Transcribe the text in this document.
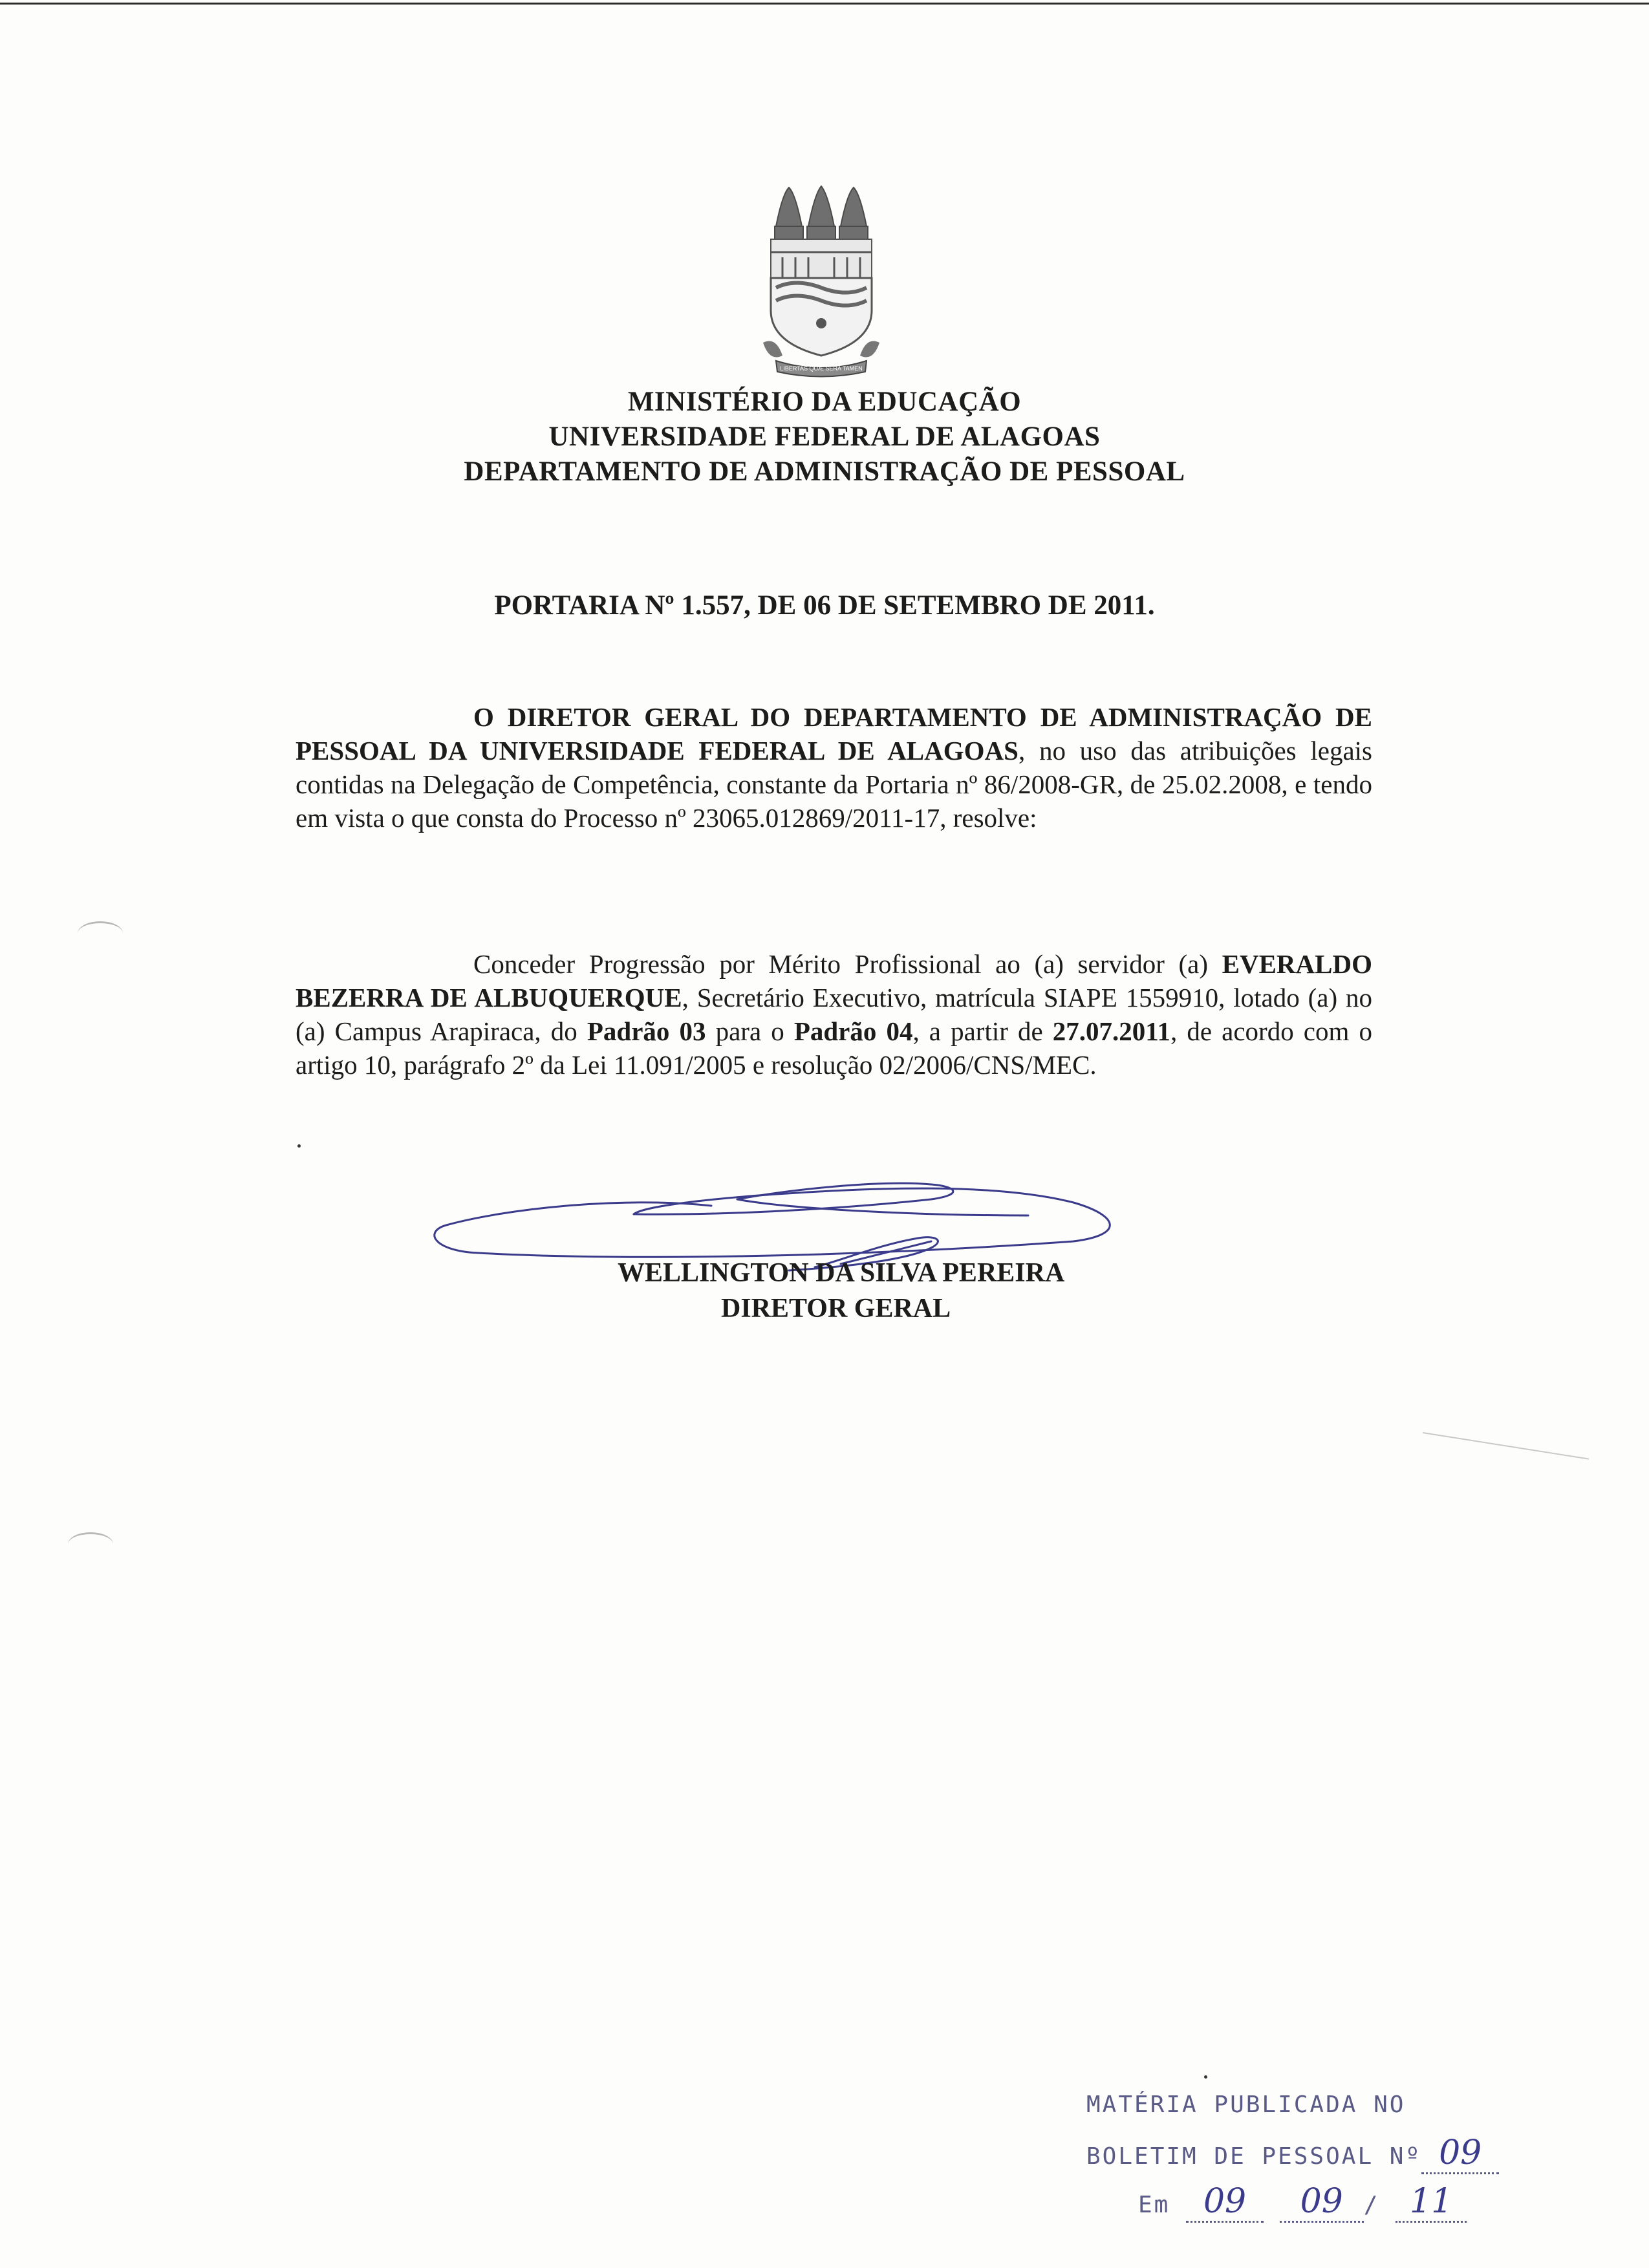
LIBERTAS QUÆ SERA TAMEN
MINISTÉRIO DA EDUCAÇÃO
UNIVERSIDADE FEDERAL DE ALAGOAS
DEPARTAMENTO DE ADMINISTRAÇÃO DE PESSOAL
PORTARIA Nº 1.557, DE 06 DE SETEMBRO DE 2011.

O DIRETOR GERAL DO DEPARTAMENTO DE ADMINISTRAÇÃO DE PESSOAL DA UNIVERSIDADE FEDERAL DE ALAGOAS, no uso das atribuições legais contidas na Delegação de Competência, constante da Portaria nº 86/2008-GR, de 25.02.2008, e tendo em vista o que consta do Processo nº 23065.012869/2011-17, resolve:

Conceder Progressão por Mérito Profissional ao (a) servidor (a) EVERALDO BEZERRA DE ALBUQUERQUE, Secretário Executivo, matrícula SIAPE 1559910, lotado (a) no (a) Campus Arapiraca, do Padrão 03 para o Padrão 04, a partir de 27.07.2011, de acordo com o artigo 10, parágrafo 2º da Lei 11.091/2005 e resolução 02/2006/CNS/MEC.

WELLINGTON DA SILVA PEREIRA
DIRETOR GERAL
MATÉRIA PUBLICADA NO
BOLETIM DE PESSOAL Nº 09
Em 09 09 / 11
